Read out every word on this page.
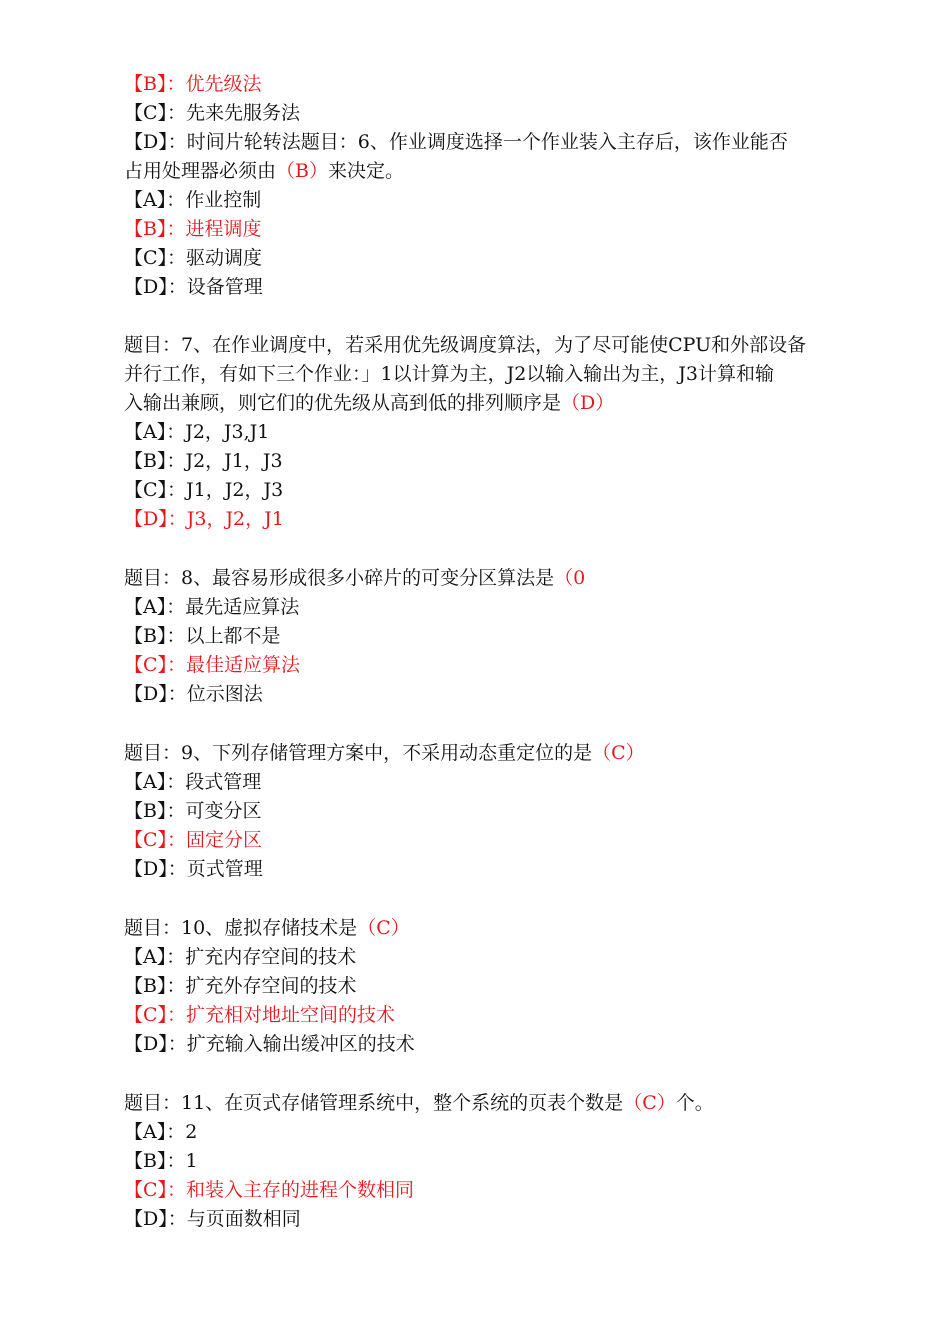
【B】：优先级法
【C】：先来先服务法
【D】：时间片轮转法题目：6、作业调度选择一个作业装入主存后，该作业能否
占用处理器必须由（B）来决定。
【A】：作业控制
【B】：进程调度
【C】：驱动调度
【D】：设备管理
题目：7、在作业调度中，若采用优先级调度算法，为了尽可能使CPU和外部设备
并行工作，有如下三个作业：」1以计算为主，J2以输入输出为主，J3计算和输
入输出兼顾，则它们的优先级从高到低的排列顺序是（D）
【A】：J2，J3,J1
【B】：J2，J1，J3
【C】：J1，J2，J3
【D】：J3，J2，J1
题目：8、最容易形成很多小碎片的可变分区算法是（0
【A】：最先适应算法
【B】：以上都不是
【C】：最佳适应算法
【D】：位示图法
题目：9、下列存储管理方案中，不采用动态重定位的是（C）
【A】：段式管理
【B】：可变分区
【C】：固定分区
【D】：页式管理
题目：10、虚拟存储技术是（C）
【A】：扩充内存空间的技术
【B】：扩充外存空间的技术
【C】：扩充相对地址空间的技术
【D】：扩充输入输出缓冲区的技术
题目：11、在页式存储管理系统中，整个系统的页表个数是（C）个。
【A】：2
【B】：1
【C】：和装入主存的进程个数相同
【D】：与页面数相同
